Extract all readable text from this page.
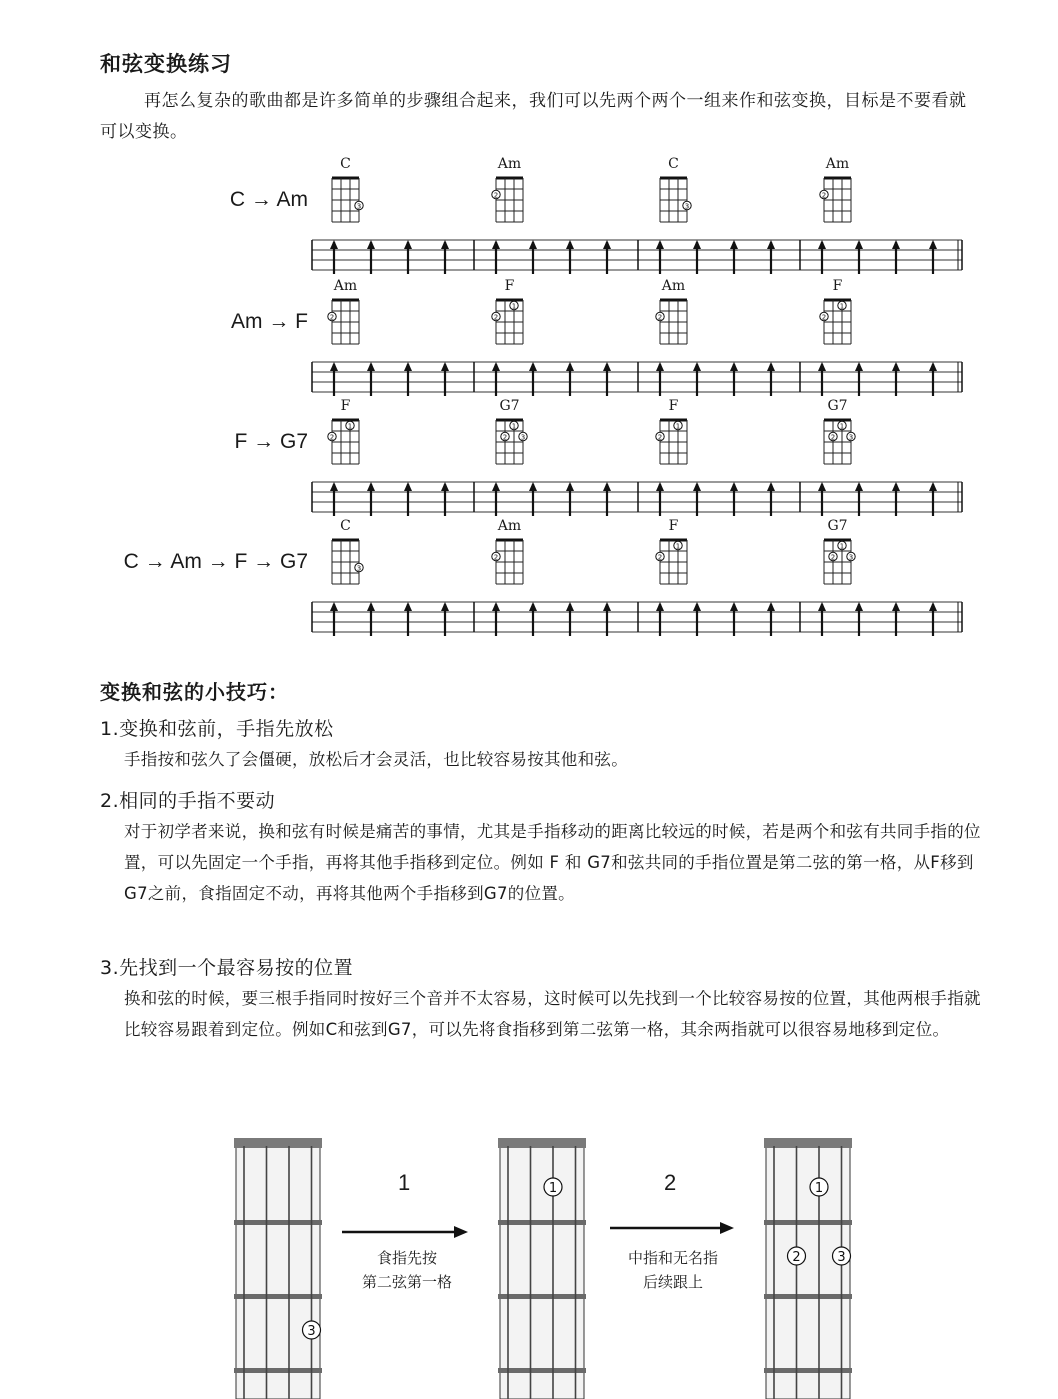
和弦变换练习
再怎么复杂的歌曲都是许多简单的步骤组合起来，我们可以先两个两个一组来作和弦变换，目标是不要看就可以变换。
C → Am
C	Am	C	Am
Am → F
Am	F	Am	F
F → G7
F	G7	F	G7
C → Am → F → G7
C	Am	F	G7
3
2
3
2
2
1
2	2
1
2
1
2
1
2 3
1
2
1
2 3
3
2
1
2
1
2 3
3
1	1
2	3
变换和弦的小技巧：
1.变换和弦前，手指先放松
手指按和弦久了会僵硬，放松后才会灵活，也比较容易按其他和弦。
2.相同的手指不要动
对于初学者来说，换和弦有时候是痛苦的事情，尤其是手指移动的距离比较远的时候，若是两个和弦有共同手指的位置，可以先固定一个手指，再将其他手指移到定位。例如 F 和 G7和弦共同的手指位置是第二弦的第一格，从F移到G7之前，食指固定不动，再将其他两个手指移到G7的位置。
3.先找到一个最容易按的位置
换和弦的时候，要三根手指同时按好三个音并不太容易，这时候可以先找到一个比较容易按的位置，其他两根手指就比较容易跟着到定位。例如C和弦到G7，可以先将食指移到第二弦第一格，其余两指就可以很容易地移到定位。
1
食指先按
第二弦第一格
2
中指和无名指
后续跟上
